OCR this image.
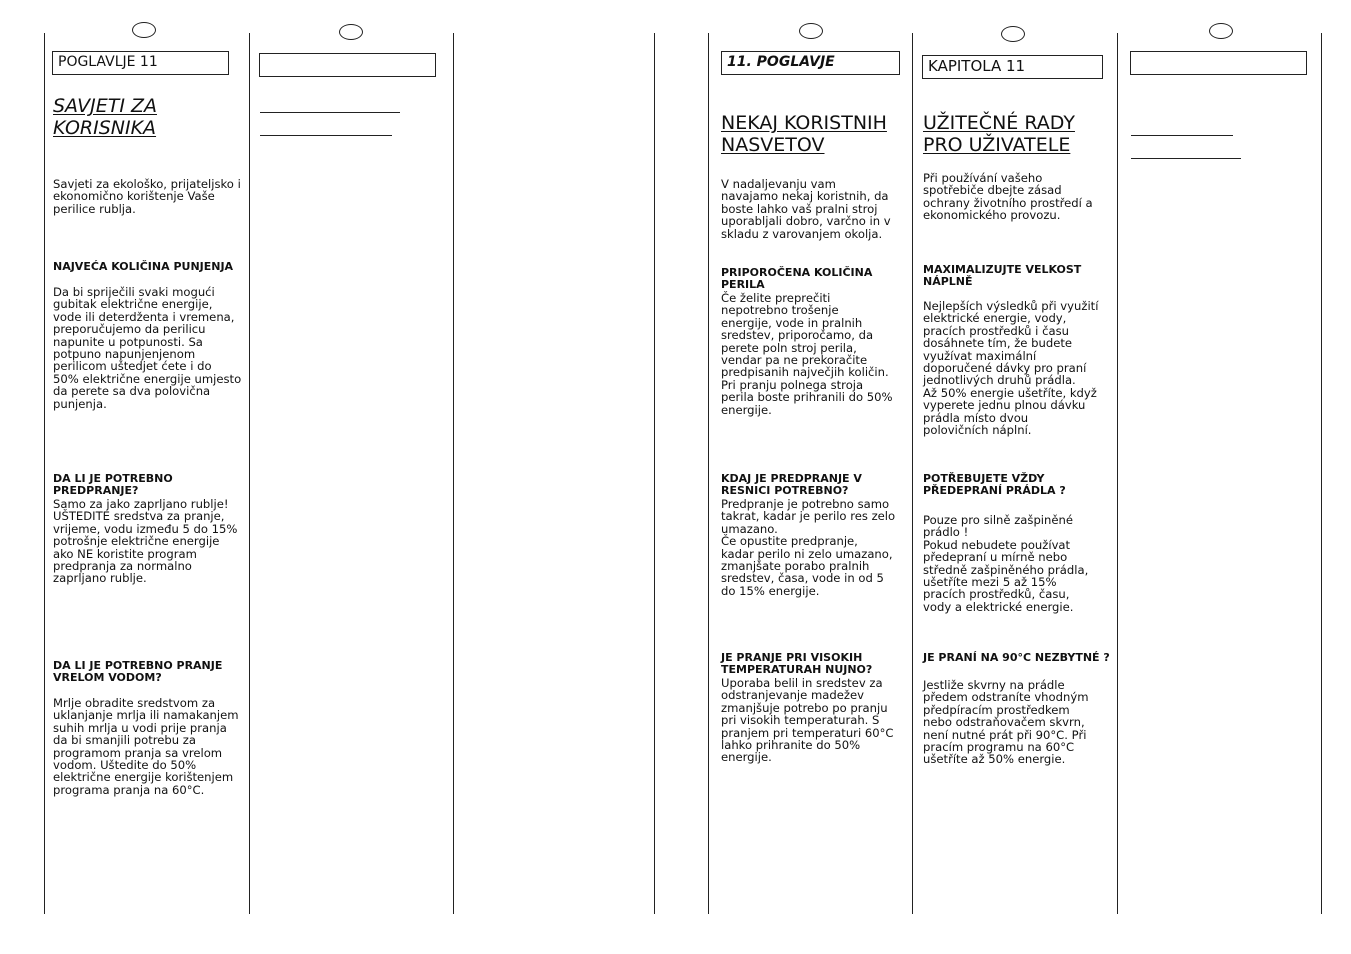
POGLAVLJE 11
SAVJETI ZA
KORISNIKA
Savjeti za ekološko, prijateljsko i
ekonomično korištenje Vaše
perilice rublja.
NAJVEĆA KOLIČINA PUNJENJA
Da bi spriječili svaki mogući
gubitak električne energije,
vode ili deterdženta i vremena,
preporučujemo da perilicu
napunite u potpunosti. Sa
potpuno napunjenjenom
perilicom uštedjet ćete i do
50% električne energije umjesto
da perete sa dva polovična
punjenja.
DA LI JE POTREBNO
PREDPRANJE?
Samo za jako zaprljano rublje!
UŠTEDITE sredstva za pranje,
vrijeme, vodu između 5 do 15%
potrošnje električne energije
ako NE koristite program
predpranja za normalno
zaprljano rublje.
DA LI JE POTREBNO PRANJE
VRELOM VODOM?
Mrlje obradite sredstvom za
uklanjanje mrlja ili namakanjem
suhih mrlja u vodi prije pranja
da bi smanjili potrebu za
programom pranja sa vrelom
vodom. Uštedite do 50%
električne energije korištenjem
programa pranja na 60°C.
11. POGLAVJE
NEKAJ KORISTNIH
NASVETOV
V nadaljevanju vam
navajamo nekaj koristnih, da
boste lahko vaš pralni stroj
uporabljali dobro, varčno in v
skladu z varovanjem okolja.
PRIPOROČENA KOLIČINA
PERILA
Če želite preprečiti
nepotrebno trošenje
energije, vode in pralnih
sredstev, priporočamo, da
perete poln stroj perila,
vendar pa ne prekoračite
predpisanih največjih količin.
Pri pranju polnega stroja
perila boste prihranili do 50%
energije.
KDAJ JE PREDPRANJE V
RESNICI POTREBNO?
Predpranje je potrebno samo
takrat, kadar je perilo res zelo
umazano.
Če opustite predpranje,
kadar perilo ni zelo umazano,
zmanjšate porabo pralnih
sredstev, časa, vode in od 5
do 15% energije.
JE PRANJE PRI VISOKIH
TEMPERATURAH NUJNO?
Uporaba belil in sredstev za
odstranjevanje madežev
zmanjšuje potrebo po pranju
pri visokih temperaturah. S
pranjem pri temperaturi 60°C
lahko prihranite do 50%
energije.
KAPITOLA 11
UŽITEČNÉ RADY
PRO UŽIVATELE
Při používání vašeho
spotřebiče dbejte zásad
ochrany životního prostředí a
ekonomického provozu.
MAXIMALIZUJTE VELKOST
NÁPLNĚ
Nejlepších výsledků při využití
elektrické energie, vody,
pracích prostředků i času
dosáhnete tím, že budete
využívat maximální
doporučené dávky pro praní
jednotlivých druhů prádla.
Až 50% energie ušetříte, když
vyperete jednu plnou dávku
prádla místo dvou
polovičních náplní.
POTŘEBUJETE VŽDY
PŘEDEPRANÍ PRÁDLA ?
Pouze pro silně zašpiněné
prádlo !
Pokud nebudete používat
předepraní u mírně nebo
středně zašpiněného prádla,
ušetříte mezi 5 až 15%
pracích prostředků, času,
vody a elektrické energie.
JE PRANÍ NA 90°C NEZBYTNÉ ?
Jestliže skvrny na prádle
předem odstraníte vhodným
předpíracím prostředkem
nebo odstraňovačem skvrn,
není nutné prát při 90°C. Při
pracím programu na 60°C
ušetříte až 50% energie.
